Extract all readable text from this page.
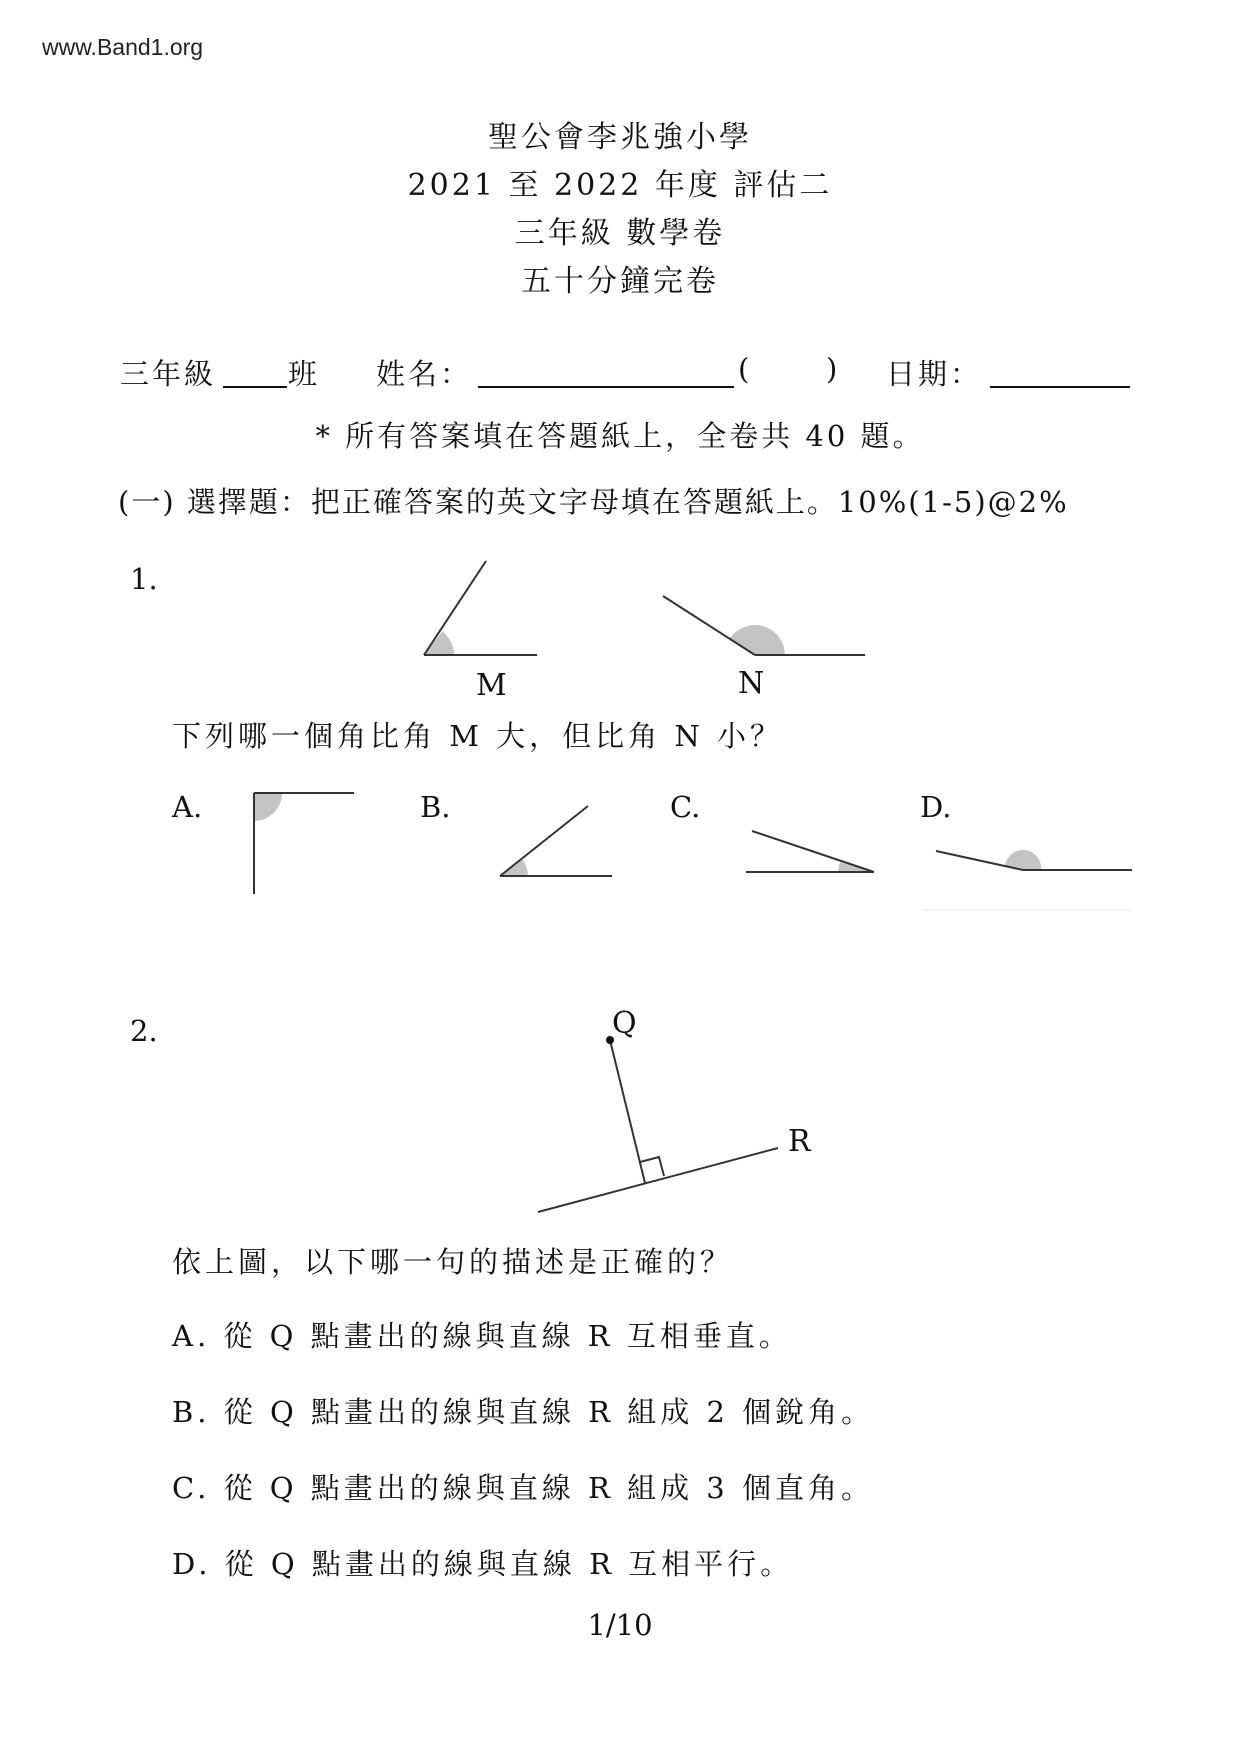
www.Band1.org
聖公會李兆強小學
2021 至 2022 年度 評估二
三年級 數學卷
五十分鐘完卷
三年級 班 姓名：	(	) 日期：
* 所有答案填在答題紙上，全卷共 40 題。
(一) 選擇題：把正確答案的英文字母填在答題紙上。10%(1-5)@2%
1.
M	N
下列哪一個角比角 M 大，但比角 N 小？
A.	B.	C.	D.
2.	Q
R
依上圖，以下哪一句的描述是正確的？
A. 從 Q 點畫出的線與直線 R 互相垂直。
B. 從 Q 點畫出的線與直線 R 組成 2 個銳角。
C. 從 Q 點畫出的線與直線 R 組成 3 個直角。
D. 從 Q 點畫出的線與直線 R 互相平行。
1/10
